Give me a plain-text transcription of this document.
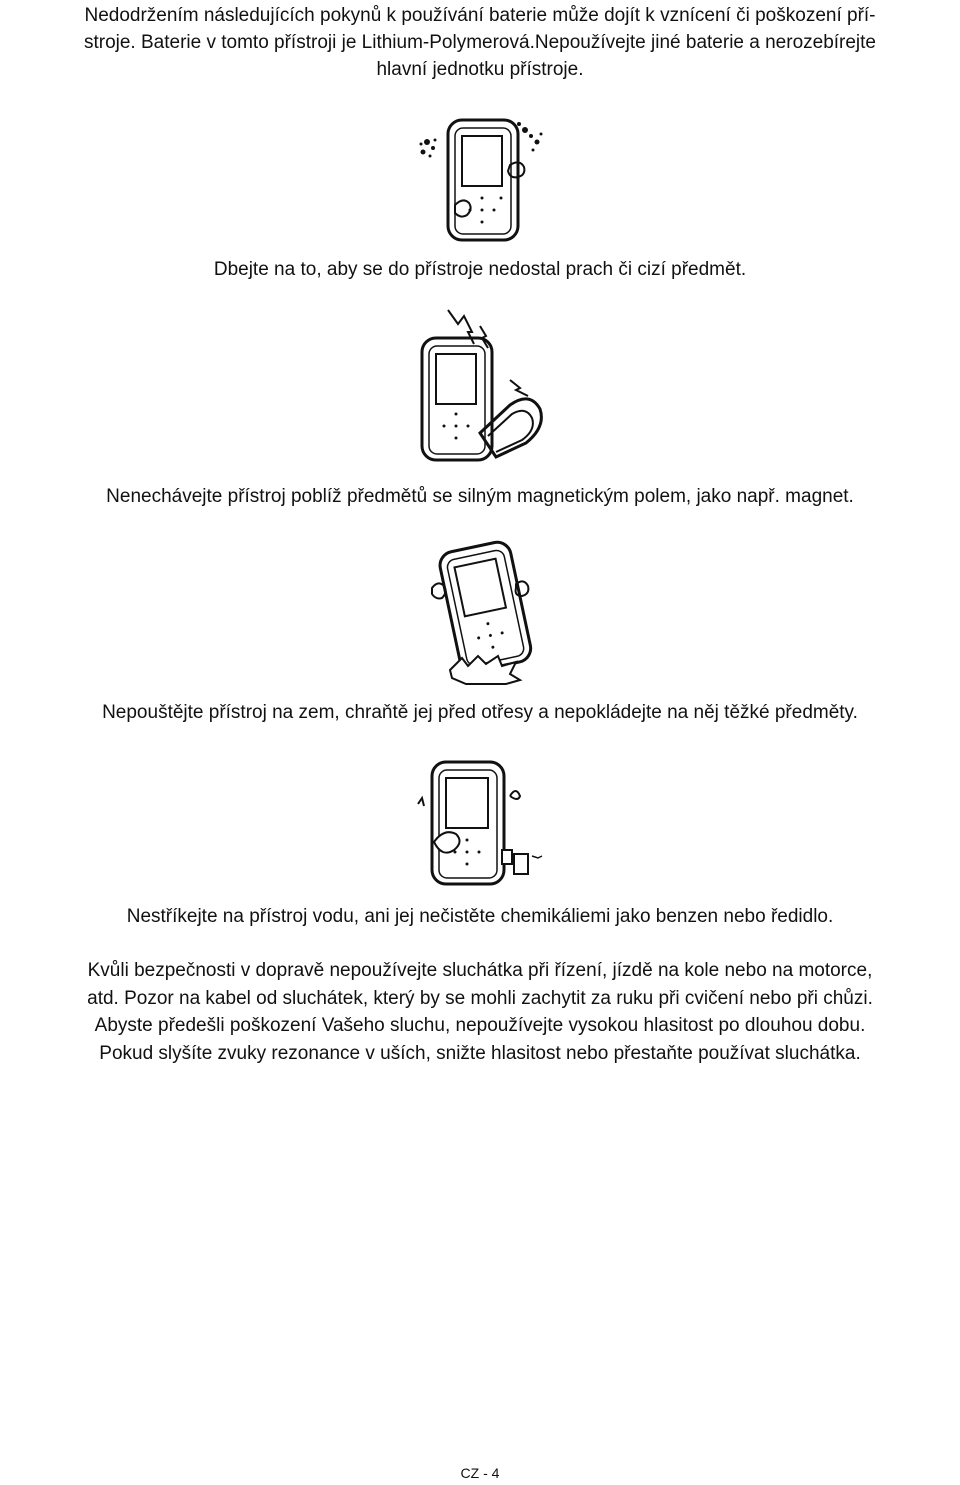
Nedodržením následujících pokynů k používání baterie může dojít k vznícení či poškození pří-
stroje. Baterie v tomto přístroji je Lithium-Polymerová.Nepoužívejte jiné baterie a nerozebírejte
hlavní jednotku přístroje.
Dbejte na to, aby se do přístroje nedostal prach či cizí předmět.
Nenechávejte přístroj poblíž předmětů se silným magnetickým polem, jako např. magnet.
Nepouštějte přístroj na zem, chraňtě jej před otřesy a nepokládejte na něj těžké předměty.
Nestříkejte na přístroj vodu, ani jej nečistěte chemikáliemi jako benzen nebo ředidlo.
Kvůli bezpečnosti v dopravě nepoužívejte sluchátka při řízení, jízdě na kole nebo na motorce,
atd. Pozor na kabel od sluchátek, který by se mohli zachytit za ruku při cvičení nebo při chůzi.
Abyste předešli poškození Vašeho sluchu, nepoužívejte vysokou hlasitost po dlouhou dobu.
Pokud slyšíte zvuky rezonance v uších, snižte hlasitost nebo přestaňte používat sluchátka.
CZ - 4
